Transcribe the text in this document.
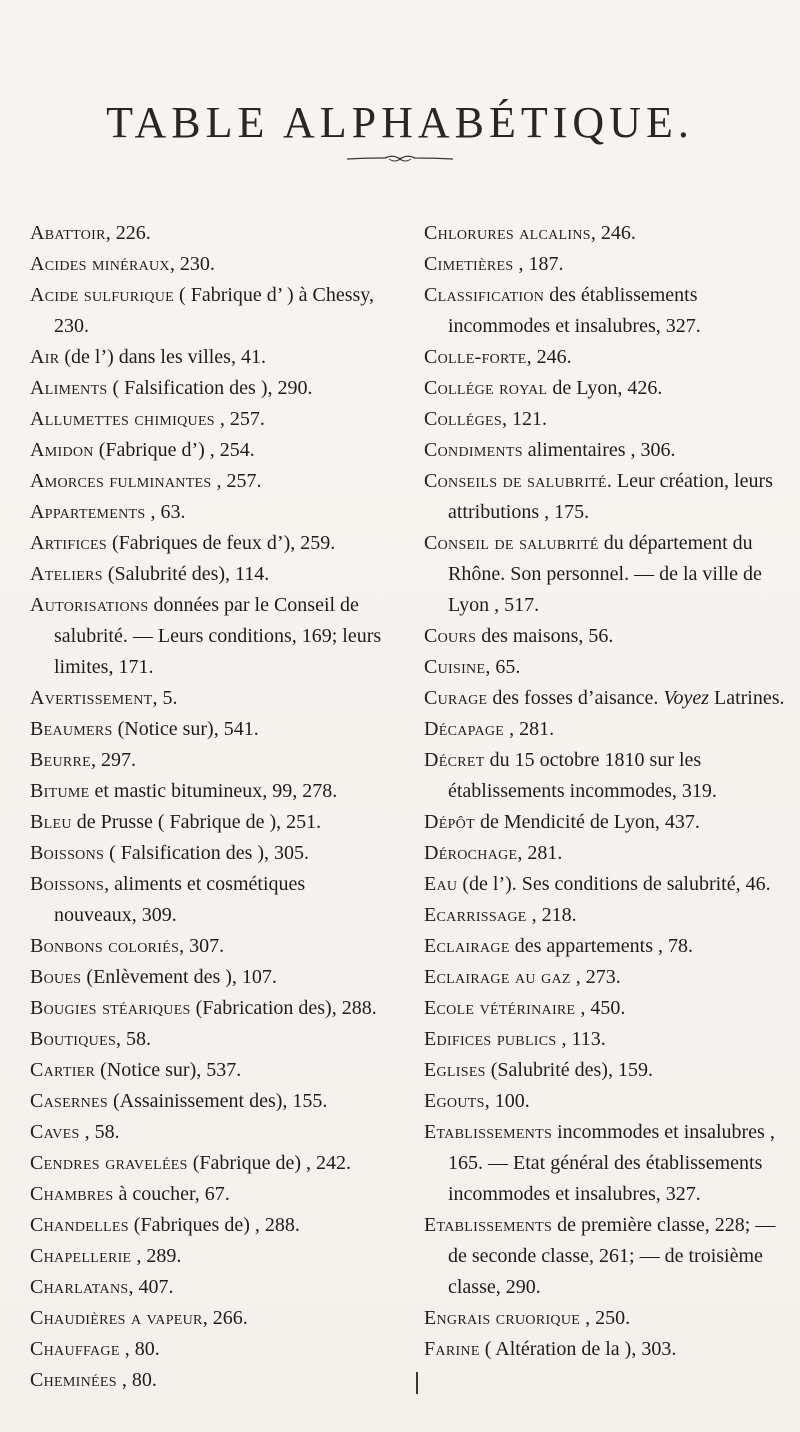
TABLE ALPHABÉTIQUE.

Abattoir, 226.

Acides minéraux, 230.

Acide sulfurique ( Fabrique d’ ) à Chessy, 230.

Air (de l’) dans les villes, 41.

Aliments ( Falsification des ), 290.

Allumettes chimiques , 257.

Amidon (Fabrique d’) , 254.

Amorces fulminantes , 257.

Appartements , 63.

Artifices (Fabriques de feux d’), 259.

Ateliers (Salubrité des), 114.

Autorisations données par le Conseil de salubrité. — Leurs conditions, 169; leurs limites, 171.

Avertissement, 5.

Beaumers (Notice sur), 541.

Beurre, 297.

Bitume et mastic bitumineux, 99, 278.

Bleu de Prusse ( Fabrique de ), 251.

Boissons ( Falsification des ), 305.

Boissons, aliments et cosmétiques nouveaux, 309.

Bonbons coloriés, 307.

Boues (Enlèvement des ), 107.

Bougies stéariques (Fabrication des), 288.

Boutiques, 58.

Cartier (Notice sur), 537.

Casernes (Assainissement des), 155.

Caves , 58.

Cendres gravelées (Fabrique de) , 242.

Chambres à coucher, 67.

Chandelles (Fabriques de) , 288.

Chapellerie , 289.

Charlatans, 407.

Chaudières a vapeur, 266.

Chauffage , 80.

Cheminées , 80.

Chlorures alcalins, 246.

Cimetières , 187.

Classification des établissements incommodes et insalubres, 327.

Colle-forte, 246.

Collége royal de Lyon, 426.

Colléges, 121.

Condiments alimentaires , 306.

Conseils de salubrité. Leur création, leurs attributions , 175.

Conseil de salubrité du département du Rhône. Son personnel. — de la ville de Lyon , 517.

Cours des maisons, 56.

Cuisine, 65.

Curage des fosses d’aisance. Voyez Latrines.

Décapage , 281.

Décret du 15 octobre 1810 sur les établissements incommodes, 319.

Dépôt de Mendicité de Lyon, 437.

Dérochage, 281.

Eau (de l’). Ses conditions de salubrité, 46.

Ecarrissage , 218.

Eclairage des appartements , 78.

Eclairage au gaz , 273.

Ecole vétérinaire , 450.

Edifices publics , 113.

Eglises (Salubrité des), 159.

Egouts, 100.

Etablissements incommodes et insalubres , 165. — Etat général des établissements incommodes et insalubres, 327.

Etablissements de première classe, 228; — de seconde classe, 261; — de troisième classe, 290.

Engrais cruorique , 250.

Farine ( Altération de la ), 303.
